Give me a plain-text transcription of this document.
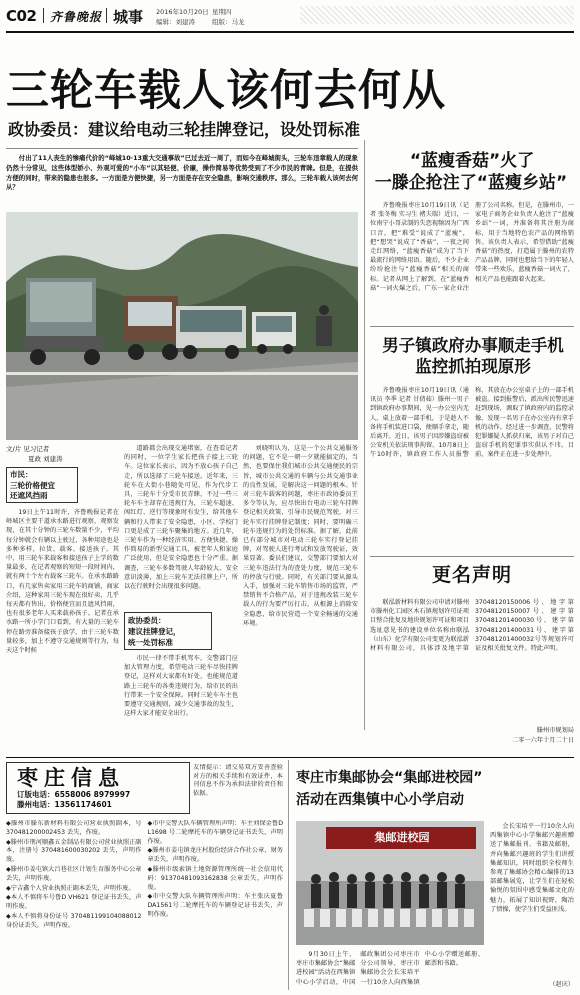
C02 齐鲁晚报 城事 2016年10月20日 星期四
编辑：刘建涛	组版：马龙
三轮车载人该何去何从
政协委员：建议给电动三轮挂牌登记，设处罚标准
付出了11人丧生的惨痛代价的“峄城10·13重大交通事故”已过去近一周了，而如今在峄城街头，三轮车违章载人的现象仍然十分常见，这些体型娇小、外观可爱的“小车”以其轻便、价廉，操作简易等优势受到了不少市民的青睐。但是，在提供方便的同时，带来的隐患也很多。一方面是方便快捷，另一方面是存在安全隐患，影响交通秩序。那么，三轮车载人该何去何从？
文/片 见习记者
夏政 刘建涛
市民：
三轮价格便宜
还遮风挡雨
19日上午11时许，齐鲁晚报记者在峄城区主要干道承水路进行观察，观察发现，在其十分钟的三轮车数量不少，平均每分钟就会有辆以上驶过，各种用途也是多种多样，拉货、载客、接送孩子。其中，用三轮车来载客和接送孩子上学的数量最多，在记者观察的短短一段时间内，就有两十个左右载客三轮车。在承水路路口，有几家售卖家用三轮车的商铺，商家介绍，这种家用三轮车现在很好卖，几乎每天都有售出，价格便宜而且遮风挡雨，也有很多老年人买来载孙孩子。记者在承水路一所小学门口看到，有大量的三轮车停在路旁准备接孩子放学，由于三轮车数量较多，加上不遵守交通规则等行为，每天这个时候
道路都会出现交通堵塞，在查看记者的同时，一位学生家长把孩子接上三轮车。这位家长表示，因为不放心孩子自己走，所以选择了三轮车接送。近年来，三轮车在大街小巷随处可见，作为代步工具，三轮车十分受市民青睐，不过一些三轮车车主却存在违规行为，三轮车超速、闯红灯、逆行等现象时有发生，给其他车辆和行人带来了安全隐患，小区、学校门口更是成了三轮车聚集的地方。近几年，三轮车作为一种经济实用、方便快捷、操作简易的新型交通工具，被老年人和家庭广泛使用，但是安全隐患也十分严重。据调查，三轮车多数驾驶人年龄较大，安全意识淡薄，加上三轮车无法挂牌上户，所以在行驶时会出现很多问题。
政协委员：
建议挂牌登记，
统一处罚标准
市民一律不带手机驾车，交警部门应加大管理力度，希望电动三轮车尽快挂牌登记，这样对大家都有好处，也能规范道路上三轮车的各类违规行为，给市民的出行带来一个安全保障。同时三轮车车主也要遵守交通规则，减少交通事故的发生，这样大家才能安全出行。
刘晓明认为，这是一个公共交通服务的问题，它不是一朝一夕就能搞定的，当然，也要保住我们城市公共交通便民的宗旨，城市公共交通的车辆与公共交通事业的良性发展，是解决这一问题的根本。针对三轮车载客的问题，枣庄市政协委员王多令等认为，应尽快出台电动三轮车挂牌登记相关政策，引导市民规范驾驶，对三轮车实行挂牌登记制度；同时，要明确三轮车违规行为的处罚标准。据了解，此前已有部分城市对电动三轮车实行登记挂牌，对驾驶人进行考试和发放驾驶证，效果显著。委员们建议，交警部门要加大对三轮车违法行为的查处力度，规范三轮车的停放与行驶。同时，有关部门要从源头入手，加强对三轮车销售市场的监管，严禁销售不合格产品，对于违规改装三轮车载人的行为要严厉打击，从根源上消除安全隐患，给市民营造一个安全畅通的交通环境。
“蓝瘦香菇”火了
一滕企抢注了“蓝瘦乡站”
齐鲁晚报枣庄10月19日讯（记者 张冬梅 实习生 褚夫瑞）近日，一位南宁小哥录制的失恋视频因为广西口音，把“难受”说成了“蓝瘦”，把“想哭”说成了“香菇”，一夜之间走红网络，“蓝瘦香菇”成为了当下最流行的网络用语。随后，不少企业纷纷抢注与“蓝瘦香菇”相关的商标。记者从网上了解到，在“蓝瘦香菇”一词火爆之后，广东一家企业注册了公司名称。但是，在滕州市，一家电子商务企业负责人抢注了“蓝瘦乡站”一词，并准备将其注册为商标，用于当地特色农产品的网络销售。该负责人表示，希望借助“蓝瘦香菇”的热度，打造属于滕州的农特产品品牌，同时也想给当下的年轻人带来一些欢乐，蓝瘦香菇一词火了，相关产品也能跟着火起来。
男子镇政府办事顺走手机
监控抓拍现原形
齐鲁晚报枣庄10月19日讯（通讯员 李季 记者 甘倩茹）滕州一男子到镇政府办事期间，见一办公室内无人，桌上放着一部手机，于是趁人不备将手机装进口袋，便顺手拿走，随后离开。近日，该男子因涉嫌盗窃被公安机关依法刑事拘留。10月8日上午10时许，镇政府工作人员报警称，其放在办公室桌子上的一部手机被盗。接到报警后，派出所民警迅速赶到现场，调取了镇政府内的监控录像，发现一名男子在办公室内有拿手机的动作。经过进一步调查，民警将犯罪嫌疑人抓获归案，该男子对自己盗窃手机的犯罪事实供认不讳。目前，案件正在进一步处理中。
更名声明
联泓新材料有限公司申请对滕州市滕州化工园区木石镇规划许可证项目整合批复及地块规划许可证和项目选址意见书的建设单位名称由联泓（山东）化学有限公司变更为联泓新材料有限公司，具体涉及地字第37048120150006号、地字第37048120150007号、建字第370481201400030号、建字第370481201400031号、建字第370481201400032号等规划许可证及相关批复文件。特此声明。
滕州市规划局
二零一六年十月二十日
枣庄信息
订版电话：6558006 8979997
滕州电话：13561174601
友情提示：请交易双方妥善查验对方的相关手续和有效证件，本刊信息不作为承担法律的责任和依据。
◆滕州市滕东新材料有限公司营业执照副本，号 370481200002453 丢失，作废。
◆滕州市荆河顺鑫五金制品有限公司营业执照正副本，注册号 370481600030202 丢失，声明作废。
◆滕州市姜屯镇大吕巷社区计划生育服务中心公章丢失，声明作废。
◆宁吉鑫个人营业执照正副本丢失，声明作废。
◆本人不慎将车号鲁D VH621 登记证书丢失，声明作废。
◆本人不慎将身份证号 370481199104088012 身份证丢失，声明作废。
◆市中交警大队车辆管理所声明：车主刘保金鲁D L1698 号二轮摩托车的车辆登记证书丢失，声明作废。
◆滕州市姜屯镇龙庄村股份经济合作社公章、财务章丢失，声明作废。
◆滕州市级索镇土地资源管理所统一社会信用代码：91370481093162838 公章丢失，声明作废。
◆市中交警大队车辆管理所声明：车主张庆夏鲁DA1561号二轮摩托车的车辆登记证书丢失，声明作废。
枣庄市集邮协会“集邮进校园”
活动在西集镇中心小学启动
集邮进校园
9月30日上午，枣庄市集邮协会“集邮进校园”活动在西集镇中心小学启动，中国邮政集团公司枣庄市分公司领导、枣庄市集邮协会会长宋培平一行10余人向西集镇中心小学赠送邮册、邮票和书籍。
会长宋培平一行10余人向西集镇中心小学集邮兴趣班赠送了集邮报刊、书籍及邮册，并向集邮兴趣班的学生们讲授集邮知识，同时组织全校师生参观了集邮协会精心编排的13部邮集展览，让学生们在轻松愉悦的氛围中感受集邮文化的魅力，拓展了知识视野，陶冶了情操，使学生们受益匪浅。
（赵庆）
